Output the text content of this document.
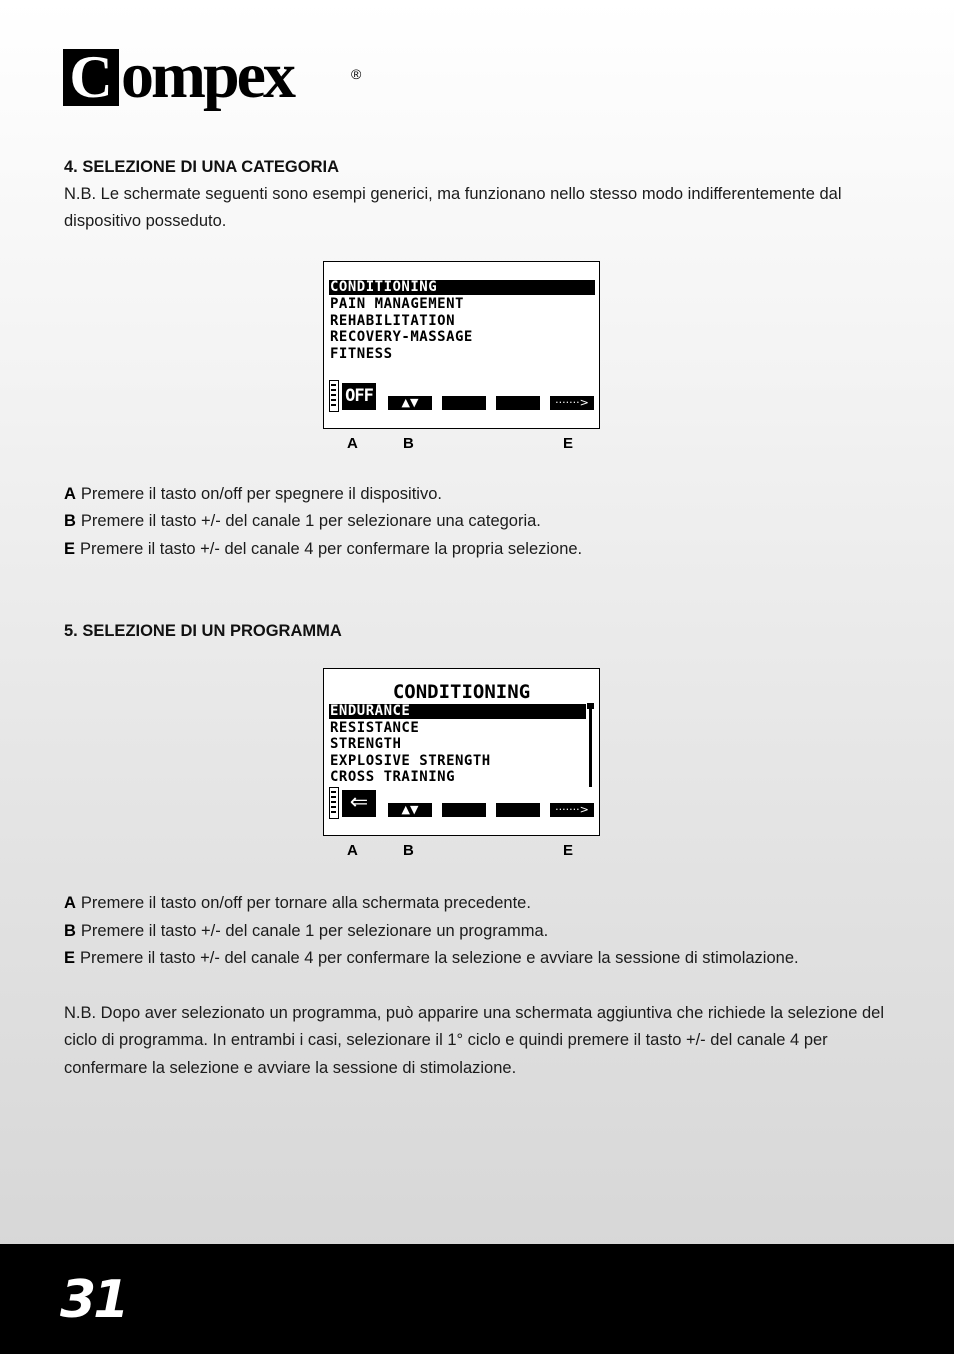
C ompex	®
4. SELEZIONE DI UNA CATEGORIA
N.B. Le schermate seguenti sono esempi generici, ma funzionano nello stesso modo indifferentemente dal dispositivo posseduto.
CONDITIONING
PAIN MANAGEMENT
REHABILITATION
RECOVERY-MASSAGE
FITNESS
OFF	▲▼	·······>
A	B	E
A Premere il tasto on/off per spegnere il dispositivo.
B Premere il tasto +/- del canale 1 per selezionare una categoria.
E Premere il tasto +/- del canale 4 per confermare la propria selezione.
5. SELEZIONE DI UN PROGRAMMA
CONDITIONING
ENDURANCE
RESISTANCE
STRENGTH
EXPLOSIVE STRENGTH
CROSS TRAINING
⇐	▲▼	·······>
A	B	E
A Premere il tasto on/off per tornare alla schermata precedente.
B Premere il tasto +/- del canale 1 per selezionare un programma.
E Premere il tasto +/- del canale 4 per confermare la selezione e avviare la sessione di stimolazione.
N.B. Dopo aver selezionato un programma, può apparire una schermata aggiuntiva che richiede la selezione del ciclo di programma. In entrambi i casi, selezionare il 1° ciclo e quindi premere il tasto +/- del canale 4 per confermare la selezione e avviare la sessione di stimolazione.
31
